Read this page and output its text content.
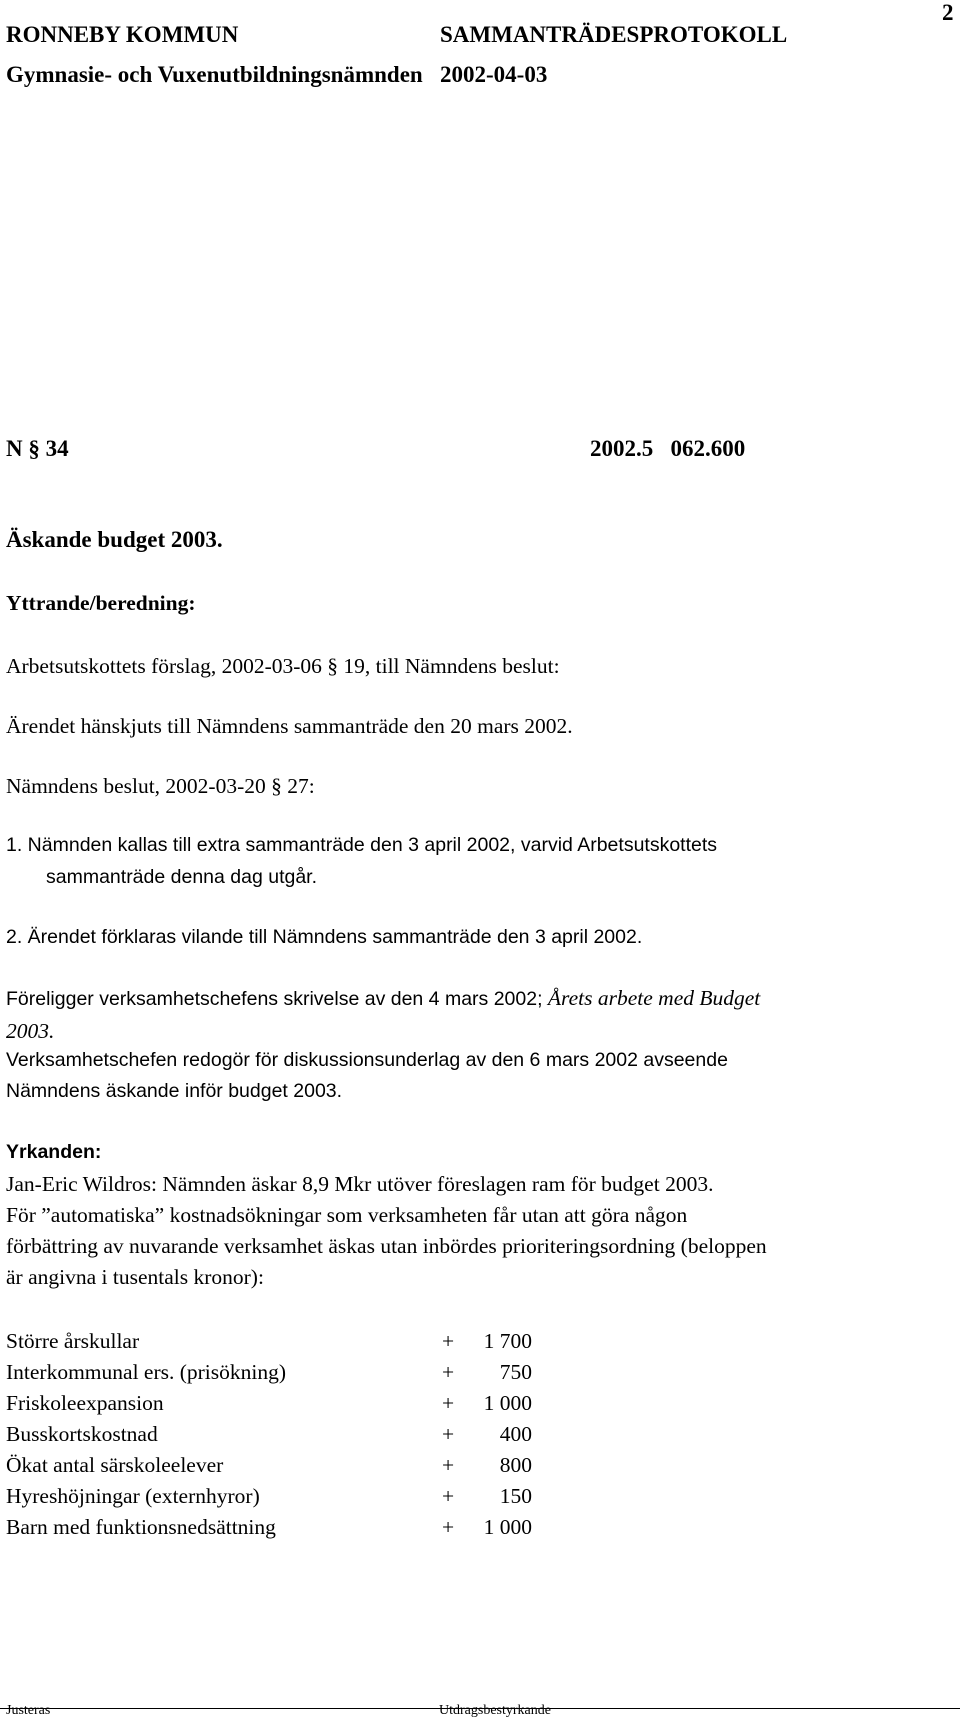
2
RONNEBY KOMMUN	SAMMANTRÄDESPROTOKOLL
Gymnasie- och Vuxenutbildningsnämnden 2002-04-03
N § 34	2002.5   062.600
Äskande budget 2003.
Yttrande/beredning:
Arbetsutskottets förslag, 2002-03-06 § 19, till Nämndens beslut:
Ärendet hänskjuts till Nämndens sammanträde den 20 mars 2002.
Nämndens beslut, 2002-03-20 § 27:
1. Nämnden kallas till extra sammanträde den 3 april 2002, varvid Arbetsutskottets
sammanträde denna dag utgår.
2. Ärendet förklaras vilande till Nämndens sammanträde den 3 april 2002.
Föreligger verksamhetschefens skrivelse av den 4 mars 2002; Årets arbete med Budget
2003.
Verksamhetschefen redogör för diskussionsunderlag av den 6 mars 2002 avseende
Nämndens äskande inför budget 2003.
Yrkanden:
Jan-Eric Wildros: Nämnden äskar 8,9 Mkr utöver föreslagen ram för budget 2003.
För ”automatiska” kostnadsökningar som verksamheten får utan att göra någon
förbättring av nuvarande verksamhet äskas utan inbördes prioriteringsordning (beloppen
är angivna i tusentals kronor):
Större årskullar	+	1 700
Interkommunal ers. (prisökning)	+	750
Friskoleexpansion	+	1 000
Busskortskostnad	+	400
Ökat antal särskoleelever	+	800
Hyreshöjningar (externhyror)	+	150
Barn med funktionsnedsättning	+	1 000
Justeras	Utdragsbestyrkande
